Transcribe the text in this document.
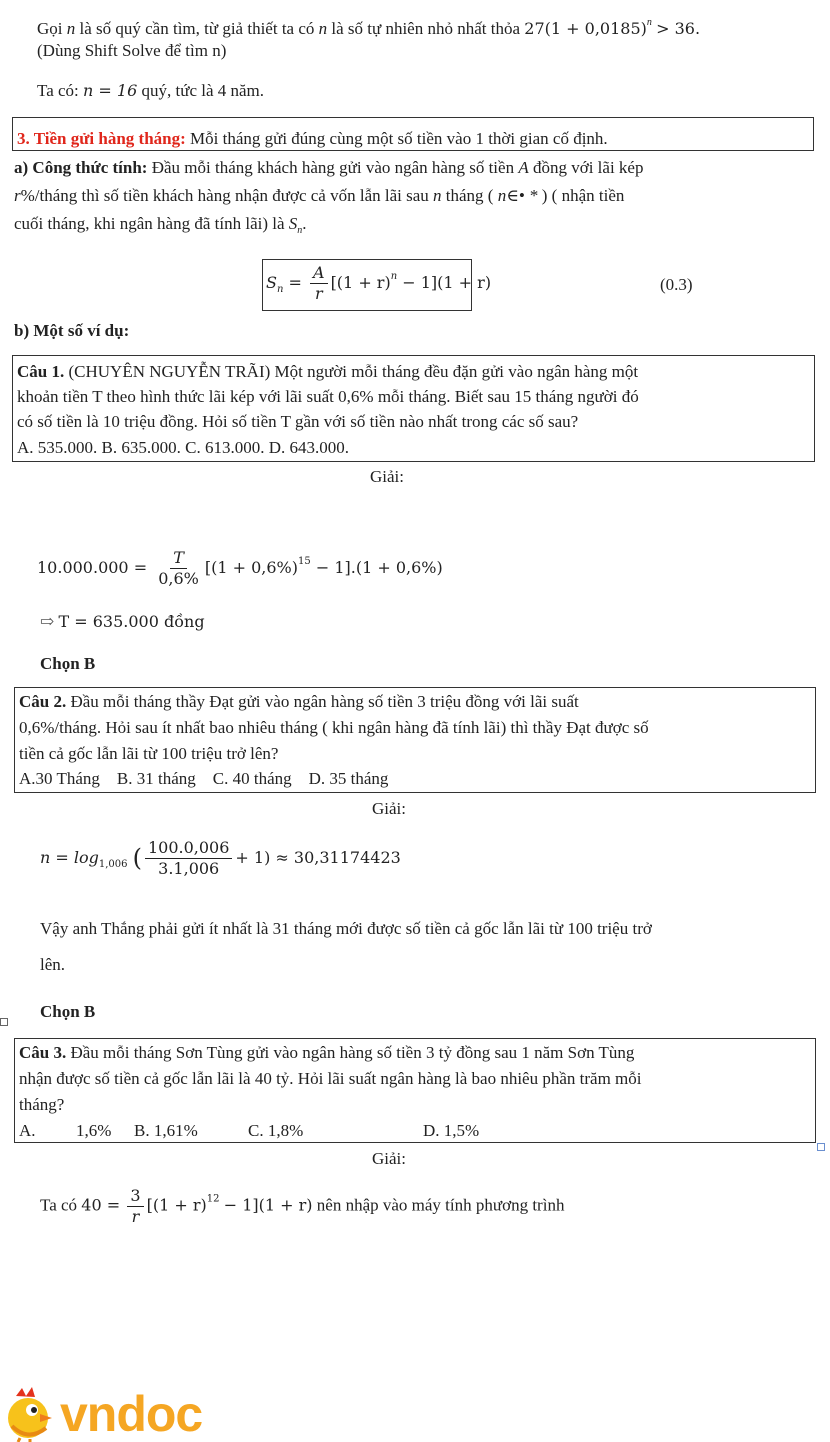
Gọi n là số quý cần tìm, từ giả thiết ta có n là số tự nhiên nhỏ nhất thỏa $27(1 + 0,0185)^n > 36$.
(Dùng Shift Solve để tìm n)
Ta có: n = 16 quý, tức là 4 năm.
3. Tiền gửi hàng tháng: Mỗi tháng gửi đúng cùng một số tiền vào 1 thời gian cố định.
a) Công thức tính: Đầu mỗi tháng khách hàng gửi vào ngân hàng số tiền A đồng với lãi kép
r%/tháng thì số tiền khách hàng nhận được cả vốn lẫn lãi sau n tháng ( n∈• * ) ( nhận tiền
cuối tháng, khi ngân hàng đã tính lãi) là $S_n$.
$S_n = \frac{A}{r} [(1 + r)^n - 1](1 + r)$	(0.3)
b) Một số ví dụ:
Câu 1. (CHUYÊN NGUYỄN TRÃI) Một người mỗi tháng đều đặn gửi vào ngân hàng một
khoản tiền T theo hình thức lãi kép với lãi suất 0,6% mỗi tháng. Biết sau 15 tháng người đó
có số tiền là 10 triệu đồng. Hỏi số tiền T gần với số tiền nào nhất trong các số sau?
A. 535.000. B. 635.000. C. 613.000. D. 643.000.
Giải:
$10.000.000 = \frac{T}{0,6\%} [(1 + 0,6\%)^{15} - 1].(1 + 0,6\%)$
⇨ T = 635.000 đồng
Chọn B
Câu 2. Đầu mỗi tháng thầy Đạt gửi vào ngân hàng số tiền 3 triệu đồng với lãi suất
0,6%/tháng. Hỏi sau ít nhất bao nhiêu tháng ( khi ngân hàng đã tính lãi) thì thầy Đạt được số
tiền cả gốc lẫn lãi từ 100 triệu trở lên?
A.30 Tháng    B. 31 tháng    C. 40 tháng    D. 35 tháng
Giải:
$n = \log_{1,006}$ ( $\frac{100.0,006}{3.1,006} + 1) \approx 30,31174423$
Vậy anh Thắng phải gửi ít nhất là 31 tháng mới được số tiền cả gốc lẫn lãi từ 100 triệu trở
lên.
Chọn B
Câu 3. Đầu mỗi tháng Sơn Tùng gửi vào ngân hàng số tiền 3 tỷ đồng sau 1 năm Sơn Tùng
nhận được số tiền cả gốc lẫn lãi là 40 tỷ. Hỏi lãi suất ngân hàng là bao nhiêu phần trăm mỗi
tháng?
A. 1,6% B. 1,61%	C. 1,8%	D. 1,5%
Giải:
Ta có $40 = \frac{3}{r} [(1 + r)^{12} - 1](1 + r)$ nên nhập vào máy tính phương trình
vndoc
